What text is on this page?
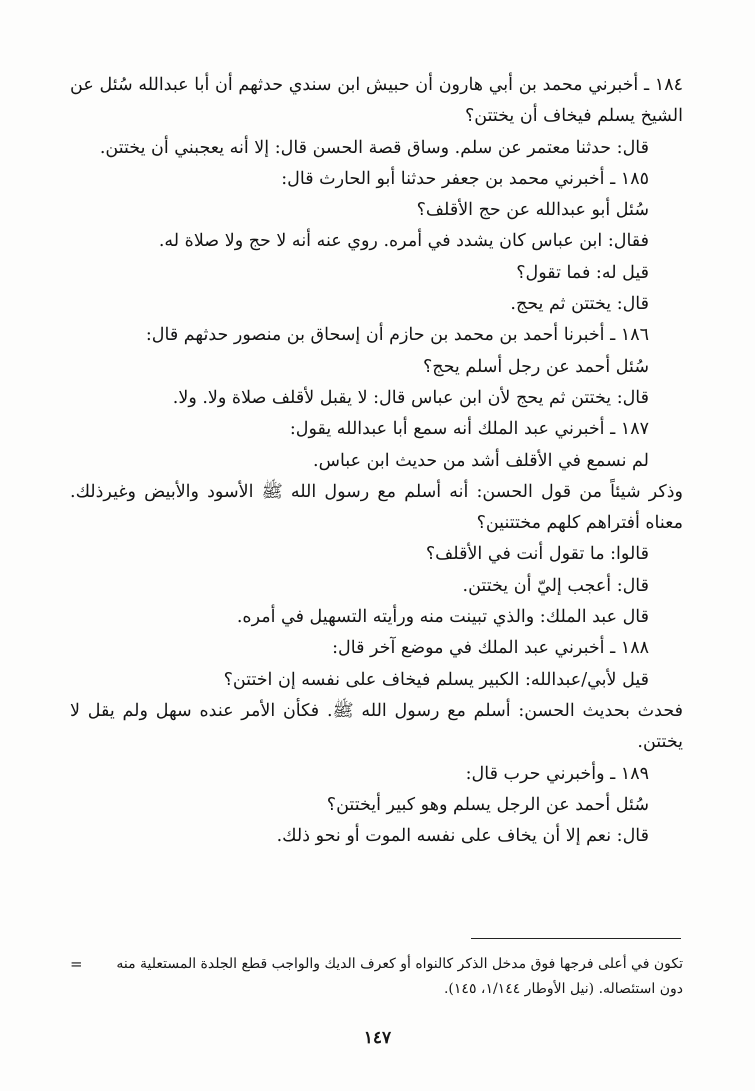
١٨٤ ـ أخبرني محمد بن أبي هارون أن حبيش ابن سندي حدثهم أن أبا عبدالله سُئل عن الشيخ يسلم فيخاف أن يختتن؟

قال: حدثنا معتمر عن سلم. وساق قصة الحسن قال: إلا أنه يعجبني أن يختتن.

١٨٥ ـ أخبرني محمد بن جعفر حدثنا أبو الحارث قال:

سُئل أبو عبدالله عن حج الأقلف؟

فقال: ابن عباس كان يشدد في أمره. روي عنه أنه لا حج ولا صلاة له.

قيل له: فما تقول؟

قال: يختتن ثم يحج.

١٨٦ ـ أخبرنا أحمد بن محمد بن حازم أن إسحاق بن منصور حدثهم قال:

سُئل أحمد عن رجل أسلم يحج؟

قال: يختتن ثم يحج لأن ابن عباس قال: لا يقبل لأقلف صلاة ولا. ولا.

١٨٧ ـ أخبرني عبد الملك أنه سمع أبا عبدالله يقول:

لم نسمع في الأقلف أشد من حديث ابن عباس.

وذكر شيئاً من قول الحسن: أنه أسلم مع رسول الله ﷺ الأسود والأبيض وغيرذلك. معناه أفتراهم كلهم مختتنين؟

قالوا: ما تقول أنت في الأقلف؟

قال: أعجب إليّ أن يختتن.

قال عبد الملك: والذي تبينت منه ورأيته التسهيل في أمره.

١٨٨ ـ أخبرني عبد الملك في موضع آخر قال:

قيل لأبي/عبدالله: الكبير يسلم فيخاف على نفسه إن اختتن؟

فحدث بحديث الحسن: أسلم مع رسول الله ﷺ. فكأن الأمر عنده سهل ولم يقل لا يختتن.

١٨٩ ـ وأخبرني حرب قال:

سُئل أحمد عن الرجل يسلم وهو كبير أيختتن؟

قال: نعم إلا أن يخاف على نفسه الموت أو نحو ذلك.

=	تكون في أعلى فرجها فوق مدخل الذكر كالنواه أو كعرف الديك والواجب قطع الجلدة المستعلية منه دون استئصاله. (نيل الأوطار ١/١٤٤، ١٤٥).
١٤٧
